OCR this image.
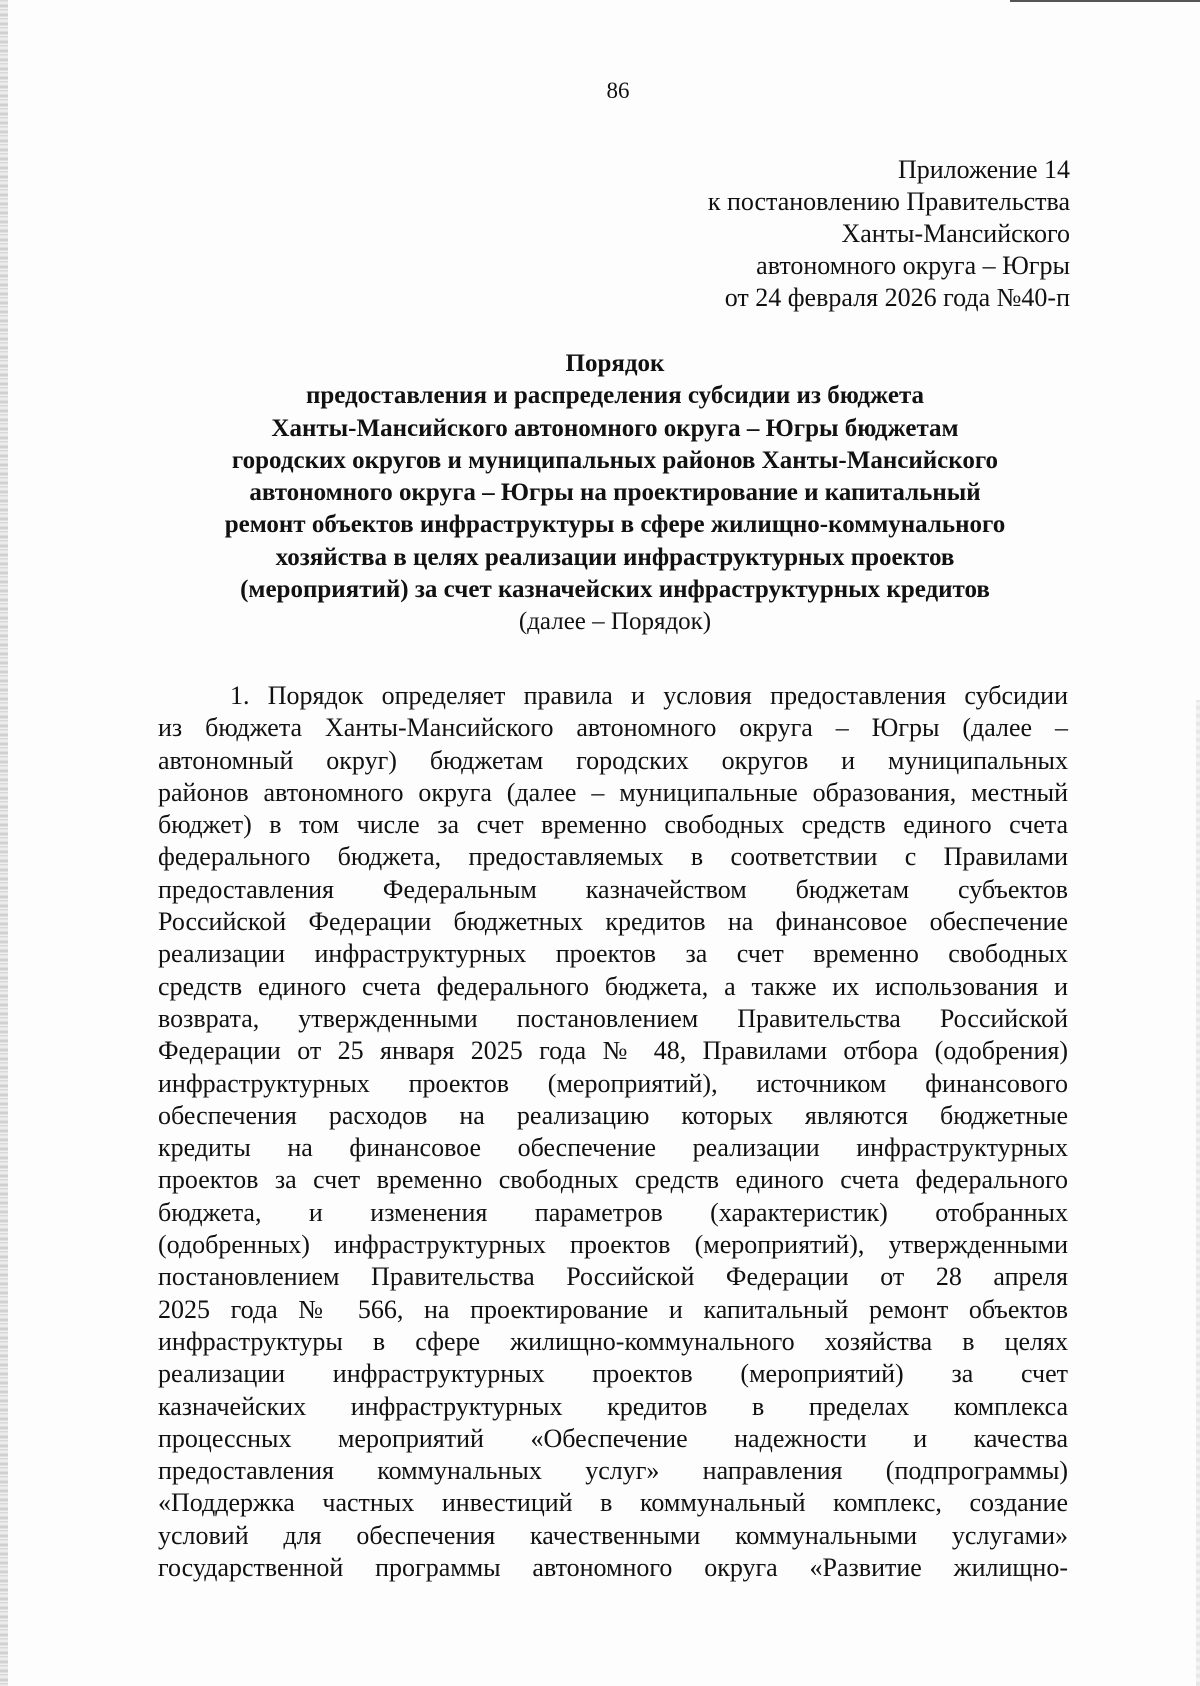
86
Приложение 14
к постановлению Правительства
Ханты-Мансийского
автономного округа – Югры
от 24 февраля 2026 года №40-п
Порядок
предоставления и распределения субсидии из бюджета
Ханты-Мансийского автономного округа – Югры бюджетам
городских округов и муниципальных районов Ханты-Мансийского
автономного округа – Югры на проектирование и капитальный
ремонт объектов инфраструктуры в сфере жилищно-коммунального
хозяйства в целях реализации инфраструктурных проектов
(мероприятий) за счет казначейских инфраструктурных кредитов
(далее – Порядок)
1. Порядок определяет правила и условия предоставления субсидии
из бюджета Ханты-Мансийского автономного округа – Югры (далее –
автономный округ) бюджетам городских округов и муниципальных
районов автономного округа (далее – муниципальные образования, местный
бюджет) в том числе за счет временно свободных средств единого счета
федерального бюджета, предоставляемых в соответствии с Правилами
предоставления Федеральным казначейством бюджетам субъектов
Российской Федерации бюджетных кредитов на финансовое обеспечение
реализации инфраструктурных проектов за счет временно свободных
средств единого счета федерального бюджета, а также их использования и
возврата, утвержденными постановлением Правительства Российской
Федерации от 25 января 2025 года № 48, Правилами отбора (одобрения)
инфраструктурных проектов (мероприятий), источником финансового
обеспечения расходов на реализацию которых являются бюджетные
кредиты на финансовое обеспечение реализации инфраструктурных
проектов за счет временно свободных средств единого счета федерального
бюджета, и изменения параметров (характеристик) отобранных
(одобренных) инфраструктурных проектов (мероприятий), утвержденными
постановлением Правительства Российской Федерации от 28 апреля
2025 года № 566, на проектирование и капитальный ремонт объектов
инфраструктуры в сфере жилищно-коммунального хозяйства в целях
реализации инфраструктурных проектов (мероприятий) за счет
казначейских инфраструктурных кредитов в пределах комплекса
процессных мероприятий «Обеспечение надежности и качества
предоставления коммунальных услуг» направления (подпрограммы)
«Поддержка частных инвестиций в коммунальный комплекс, создание
условий для обеспечения качественными коммунальными услугами»
государственной программы автономного округа «Развитие жилищно-
